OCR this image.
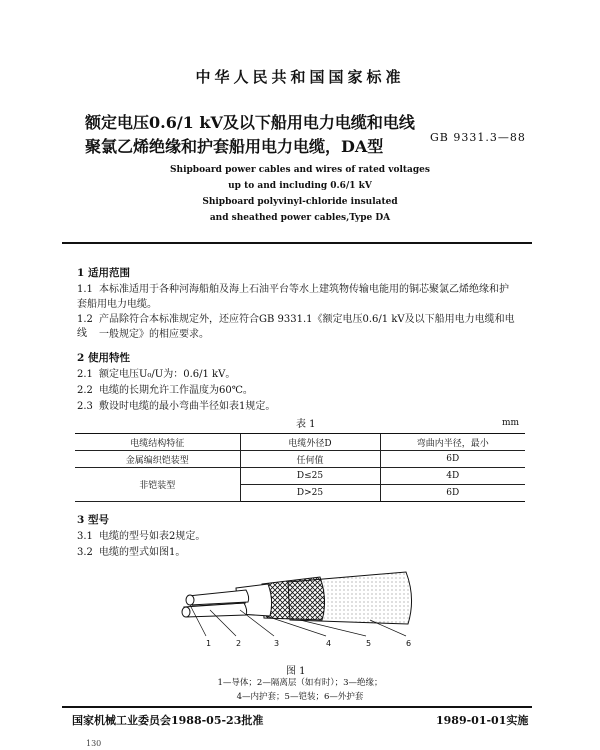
中华人民共和国国家标准
额定电压0.6/1 kV及以下船用电力电缆和电线
聚氯乙烯绝缘和护套船用电力电缆，DA型	GB 9331.3—88
Shipboard power cables and wires of rated voltages
up to and including 0.6/1 kV
Shipboard polyvinyl-chloride insulated
and sheathed power cables,Type DA
1 适用范围
1.1 本标准适用于各种河海船舶及海上石油平台等水上建筑物传输电能用的铜芯聚氯乙烯绝缘和护
套船用电力电缆。
1.2 产品除符合本标准规定外，还应符合GB 9331.1《额定电压0.6/1 kV及以下船用电力电缆和电线	一般规定》的相应要求。
2 使用特性
2.1 额定电压U₀/U为：0.6/1 kV。
2.2 电缆的长期允许工作温度为60℃。
2.3 敷设时电缆的最小弯曲半径如表1规定。
表 1	mm
电缆结构特征	电缆外径D	弯曲内半径，最小
金属编织铠装型	任何值	6D
非铠装型	D≤25	4D
	D>25	6D
3 型号
3.1 电缆的型号如表2规定。
3.2 电缆的型式如图1。
1	2	3	4	5	6
图 1
1—导体；2—隔离层（如有时）；3—绝缘；
4—内护套；5—铠装；6—外护套
国家机械工业委员会1988-05-23批准	1989-01-01实施
130
